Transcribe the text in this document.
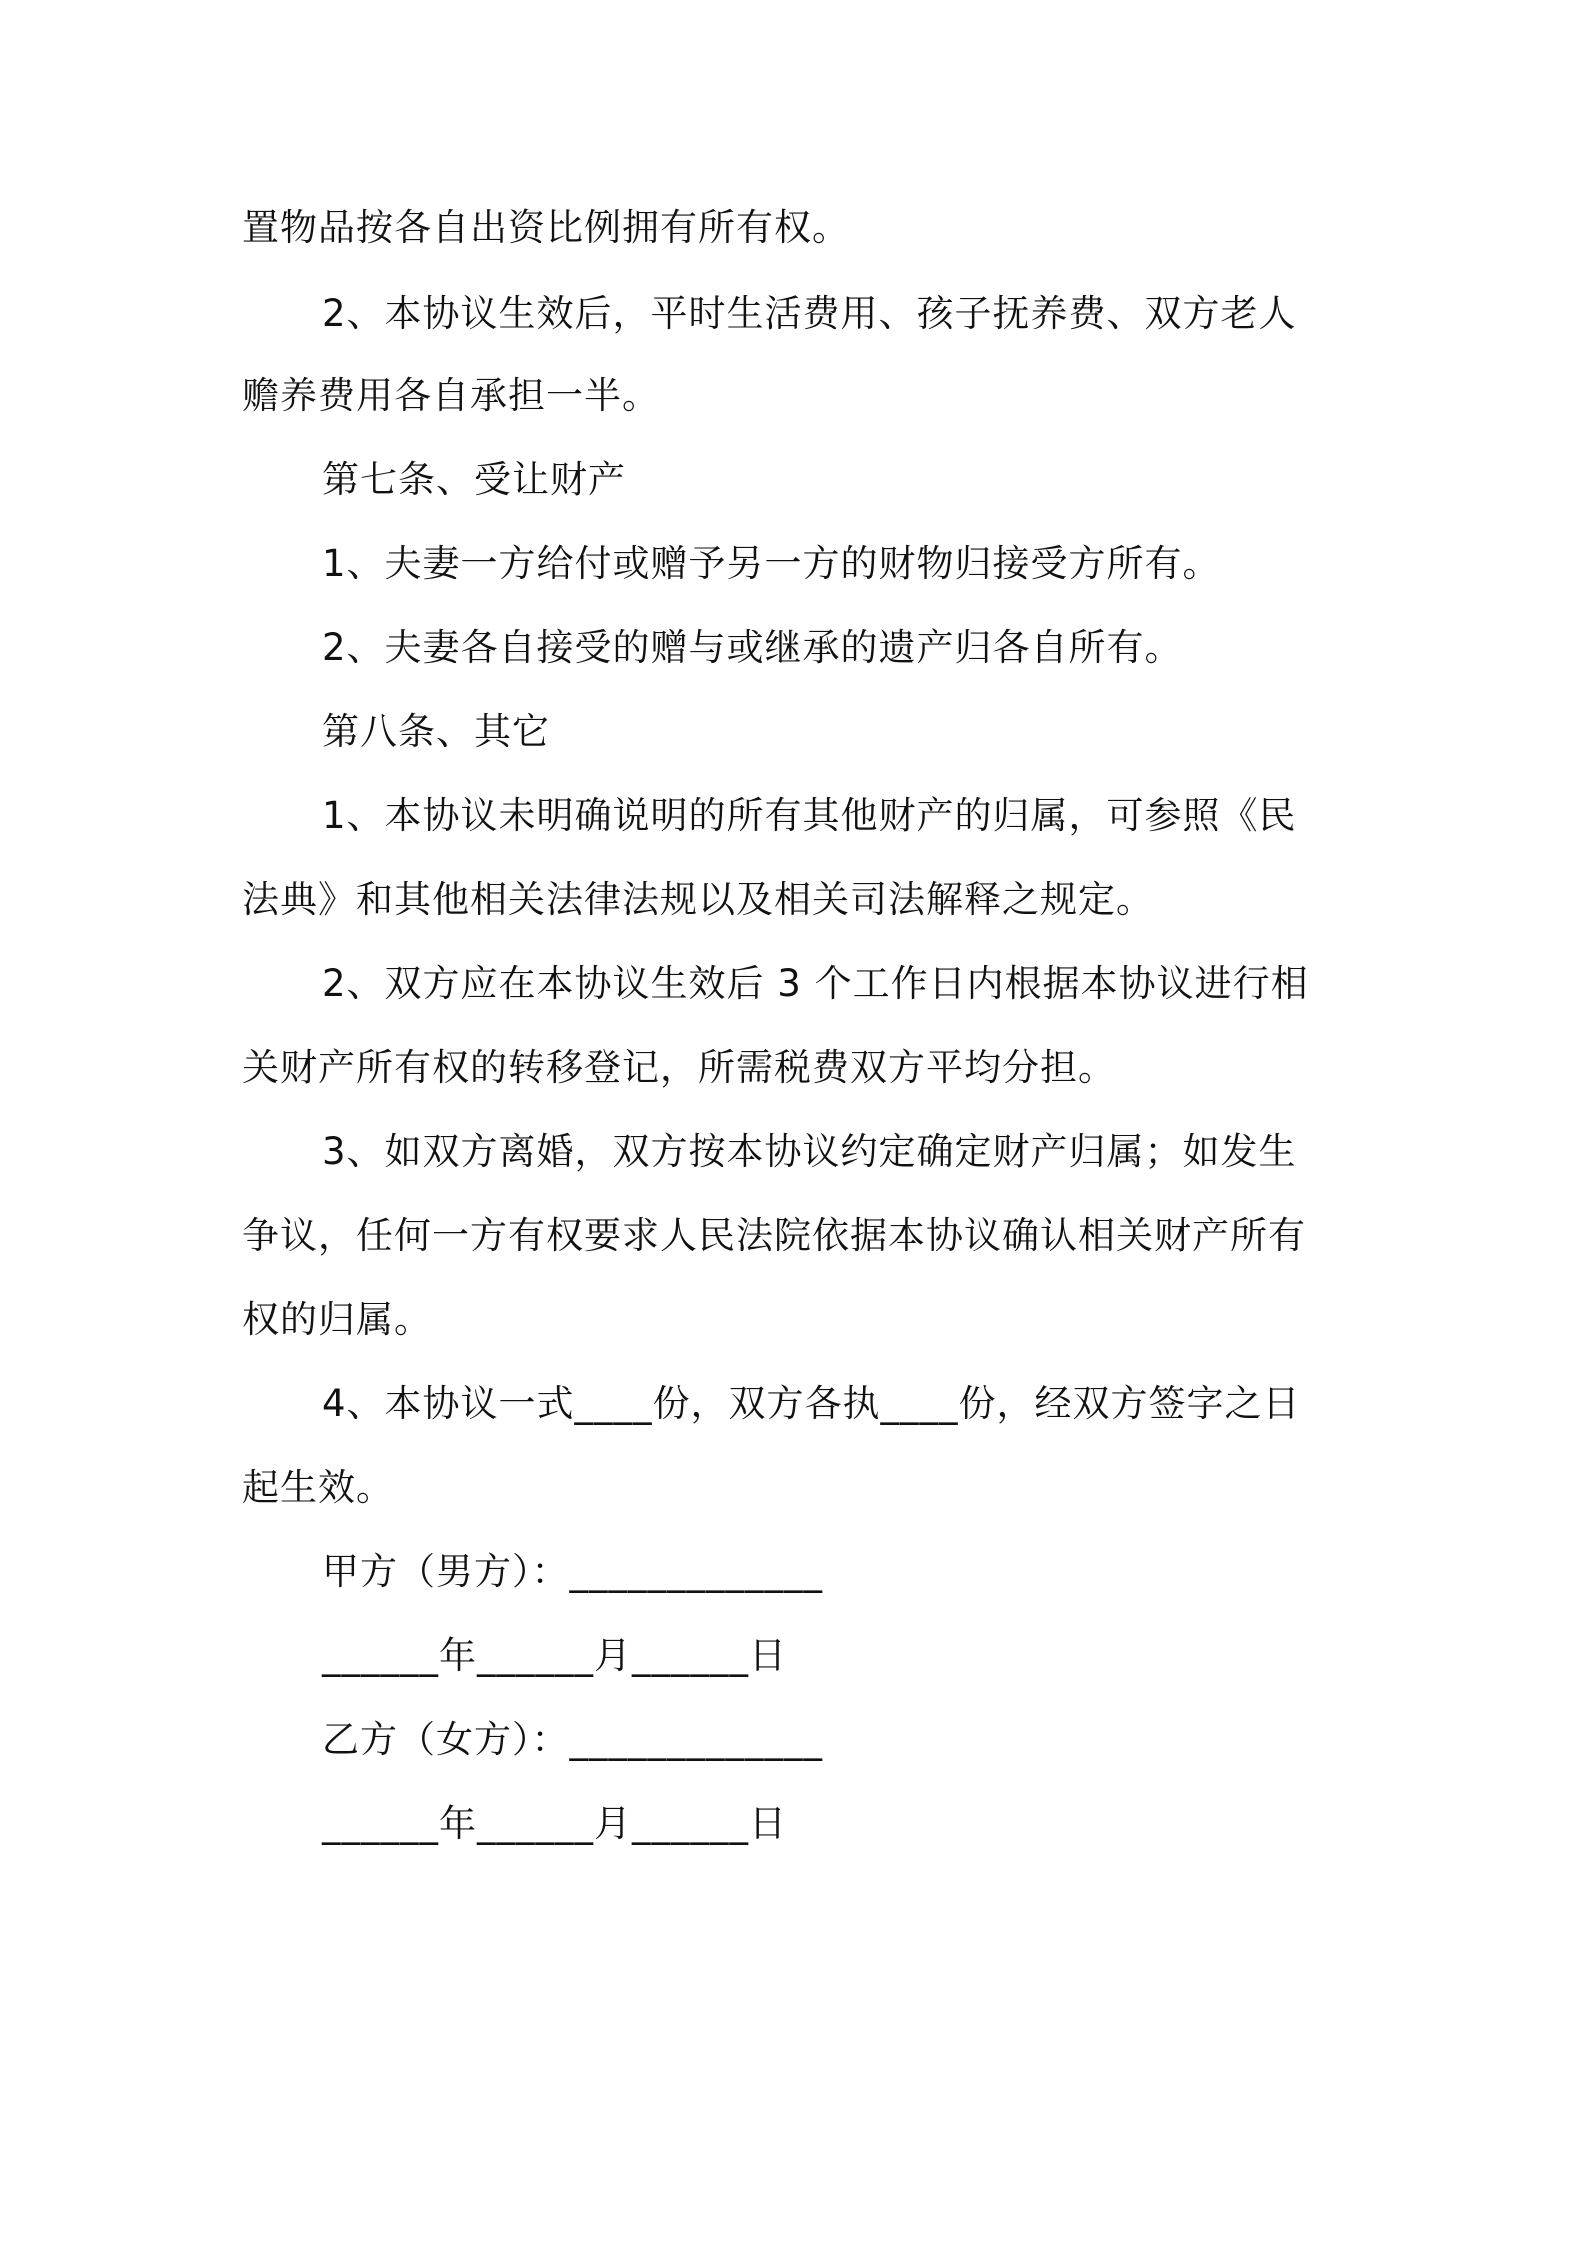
置物品按各自出资比例拥有所有权。
2、本协议生效后，平时生活费用、孩子抚养费、双方老人
赡养费用各自承担一半。
第七条、受让财产
1、夫妻一方给付或赠予另一方的财物归接受方所有。
2、夫妻各自接受的赠与或继承的遗产归各自所有。
第八条、其它
1、本协议未明确说明的所有其他财产的归属，可参照《民
法典》和其他相关法律法规以及相关司法解释之规定。
2、双方应在本协议生效后 3 个工作日内根据本协议进行相
关财产所有权的转移登记，所需税费双方平均分担。
3、如双方离婚，双方按本协议约定确定财产归属；如发生
争议，任何一方有权要求人民法院依据本协议确认相关财产所有
权的归属。
4、本协议一式____份，双方各执____份，经双方签字之日
起生效。
甲方（男方）：_____________
______年______月______日
乙方（女方）：_____________
______年______月______日
